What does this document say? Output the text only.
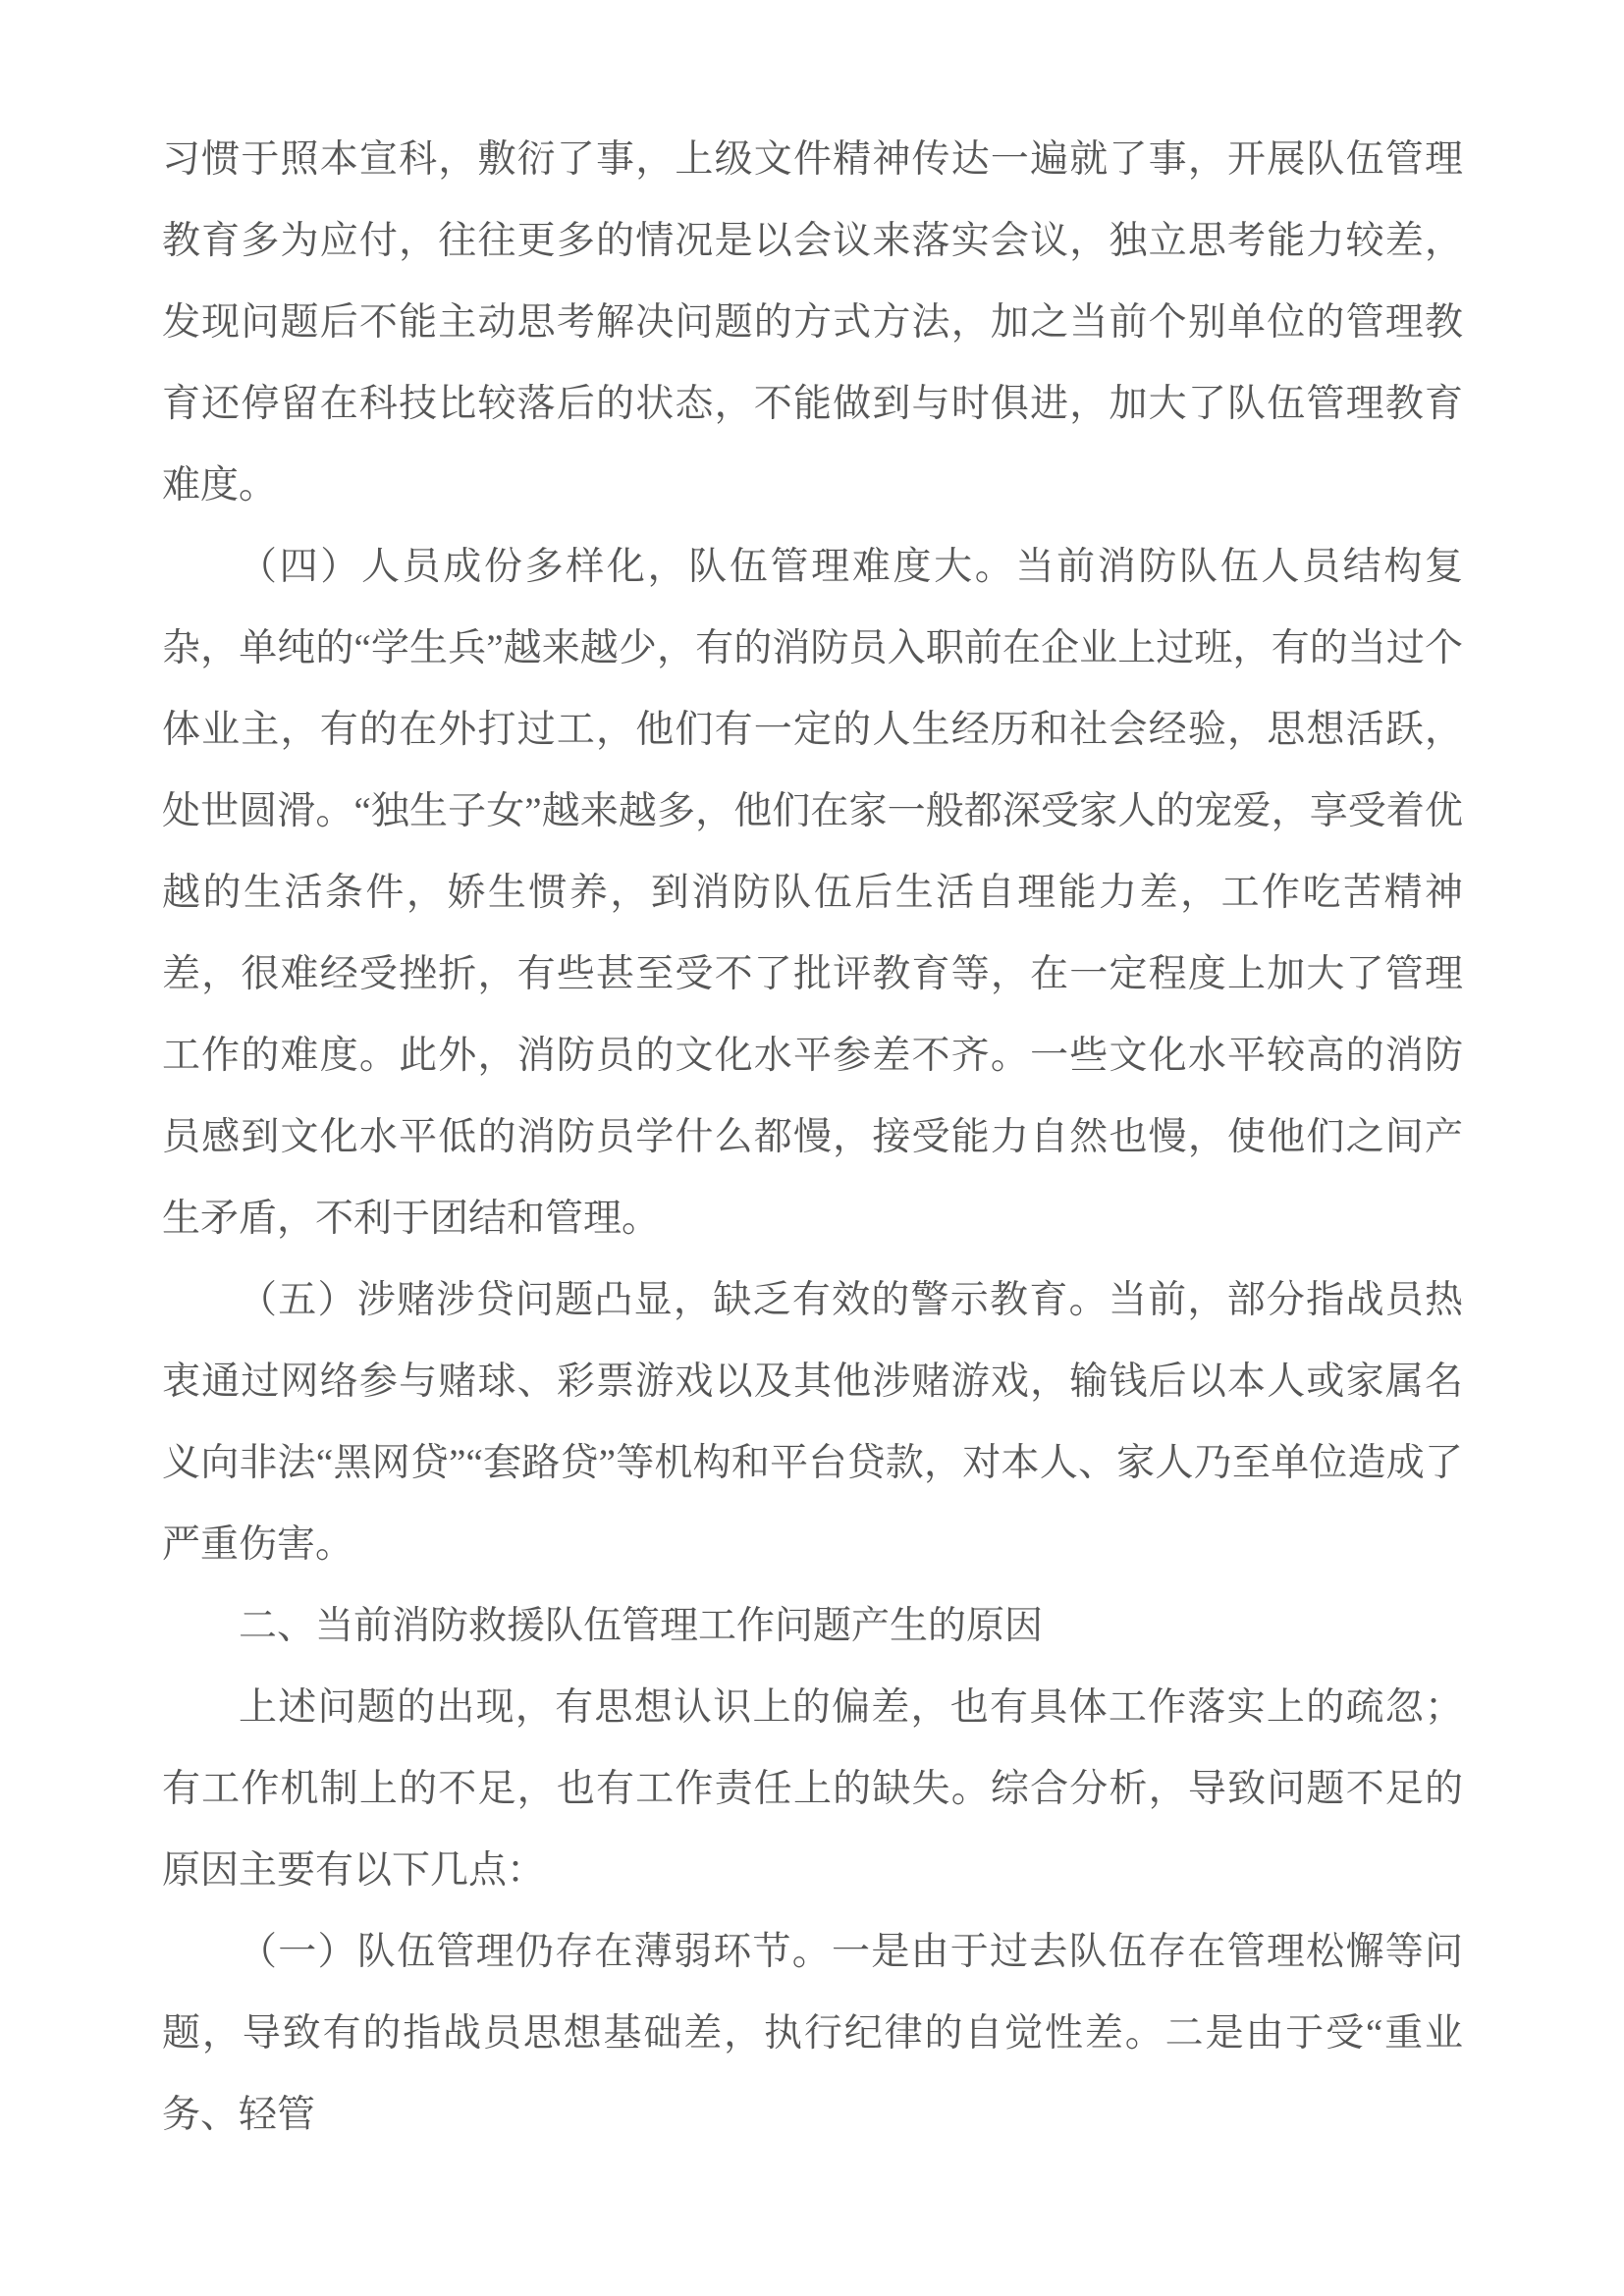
习惯于照本宣科，敷衍了事，上级文件精神传达一遍就了事，开展队伍管理教育多为应付，往往更多的情况是以会议来落实会议，独立思考能力较差，发现问题后不能主动思考解决问题的方式方法，加之当前个别单位的管理教育还停留在科技比较落后的状态，不能做到与时俱进，加大了队伍管理教育难度。

（四）人员成份多样化，队伍管理难度大。当前消防队伍人员结构复杂，单纯的“学生兵”越来越少，有的消防员入职前在企业上过班，有的当过个体业主，有的在外打过工，他们有一定的人生经历和社会经验，思想活跃，处世圆滑。“独生子女”越来越多，他们在家一般都深受家人的宠爱，享受着优越的生活条件，娇生惯养，到消防队伍后生活自理能力差，工作吃苦精神差，很难经受挫折，有些甚至受不了批评教育等，在一定程度上加大了管理工作的难度。此外，消防员的文化水平参差不齐。一些文化水平较高的消防员感到文化水平低的消防员学什么都慢，接受能力自然也慢，使他们之间产生矛盾，不利于团结和管理。

（五）涉赌涉贷问题凸显，缺乏有效的警示教育。当前，部分指战员热衷通过网络参与赌球、彩票游戏以及其他涉赌游戏，输钱后以本人或家属名义向非法“黑网贷”“套路贷”等机构和平台贷款，对本人、家人乃至单位造成了严重伤害。

二、当前消防救援队伍管理工作问题产生的原因

上述问题的出现，有思想认识上的偏差，也有具体工作落实上的疏忽；有工作机制上的不足，也有工作责任上的缺失。综合分析，导致问题不足的原因主要有以下几点：

（一）队伍管理仍存在薄弱环节。一是由于过去队伍存在管理松懈等问题，导致有的指战员思想基础差，执行纪律的自觉性差。二是由于受“重业务、轻管
